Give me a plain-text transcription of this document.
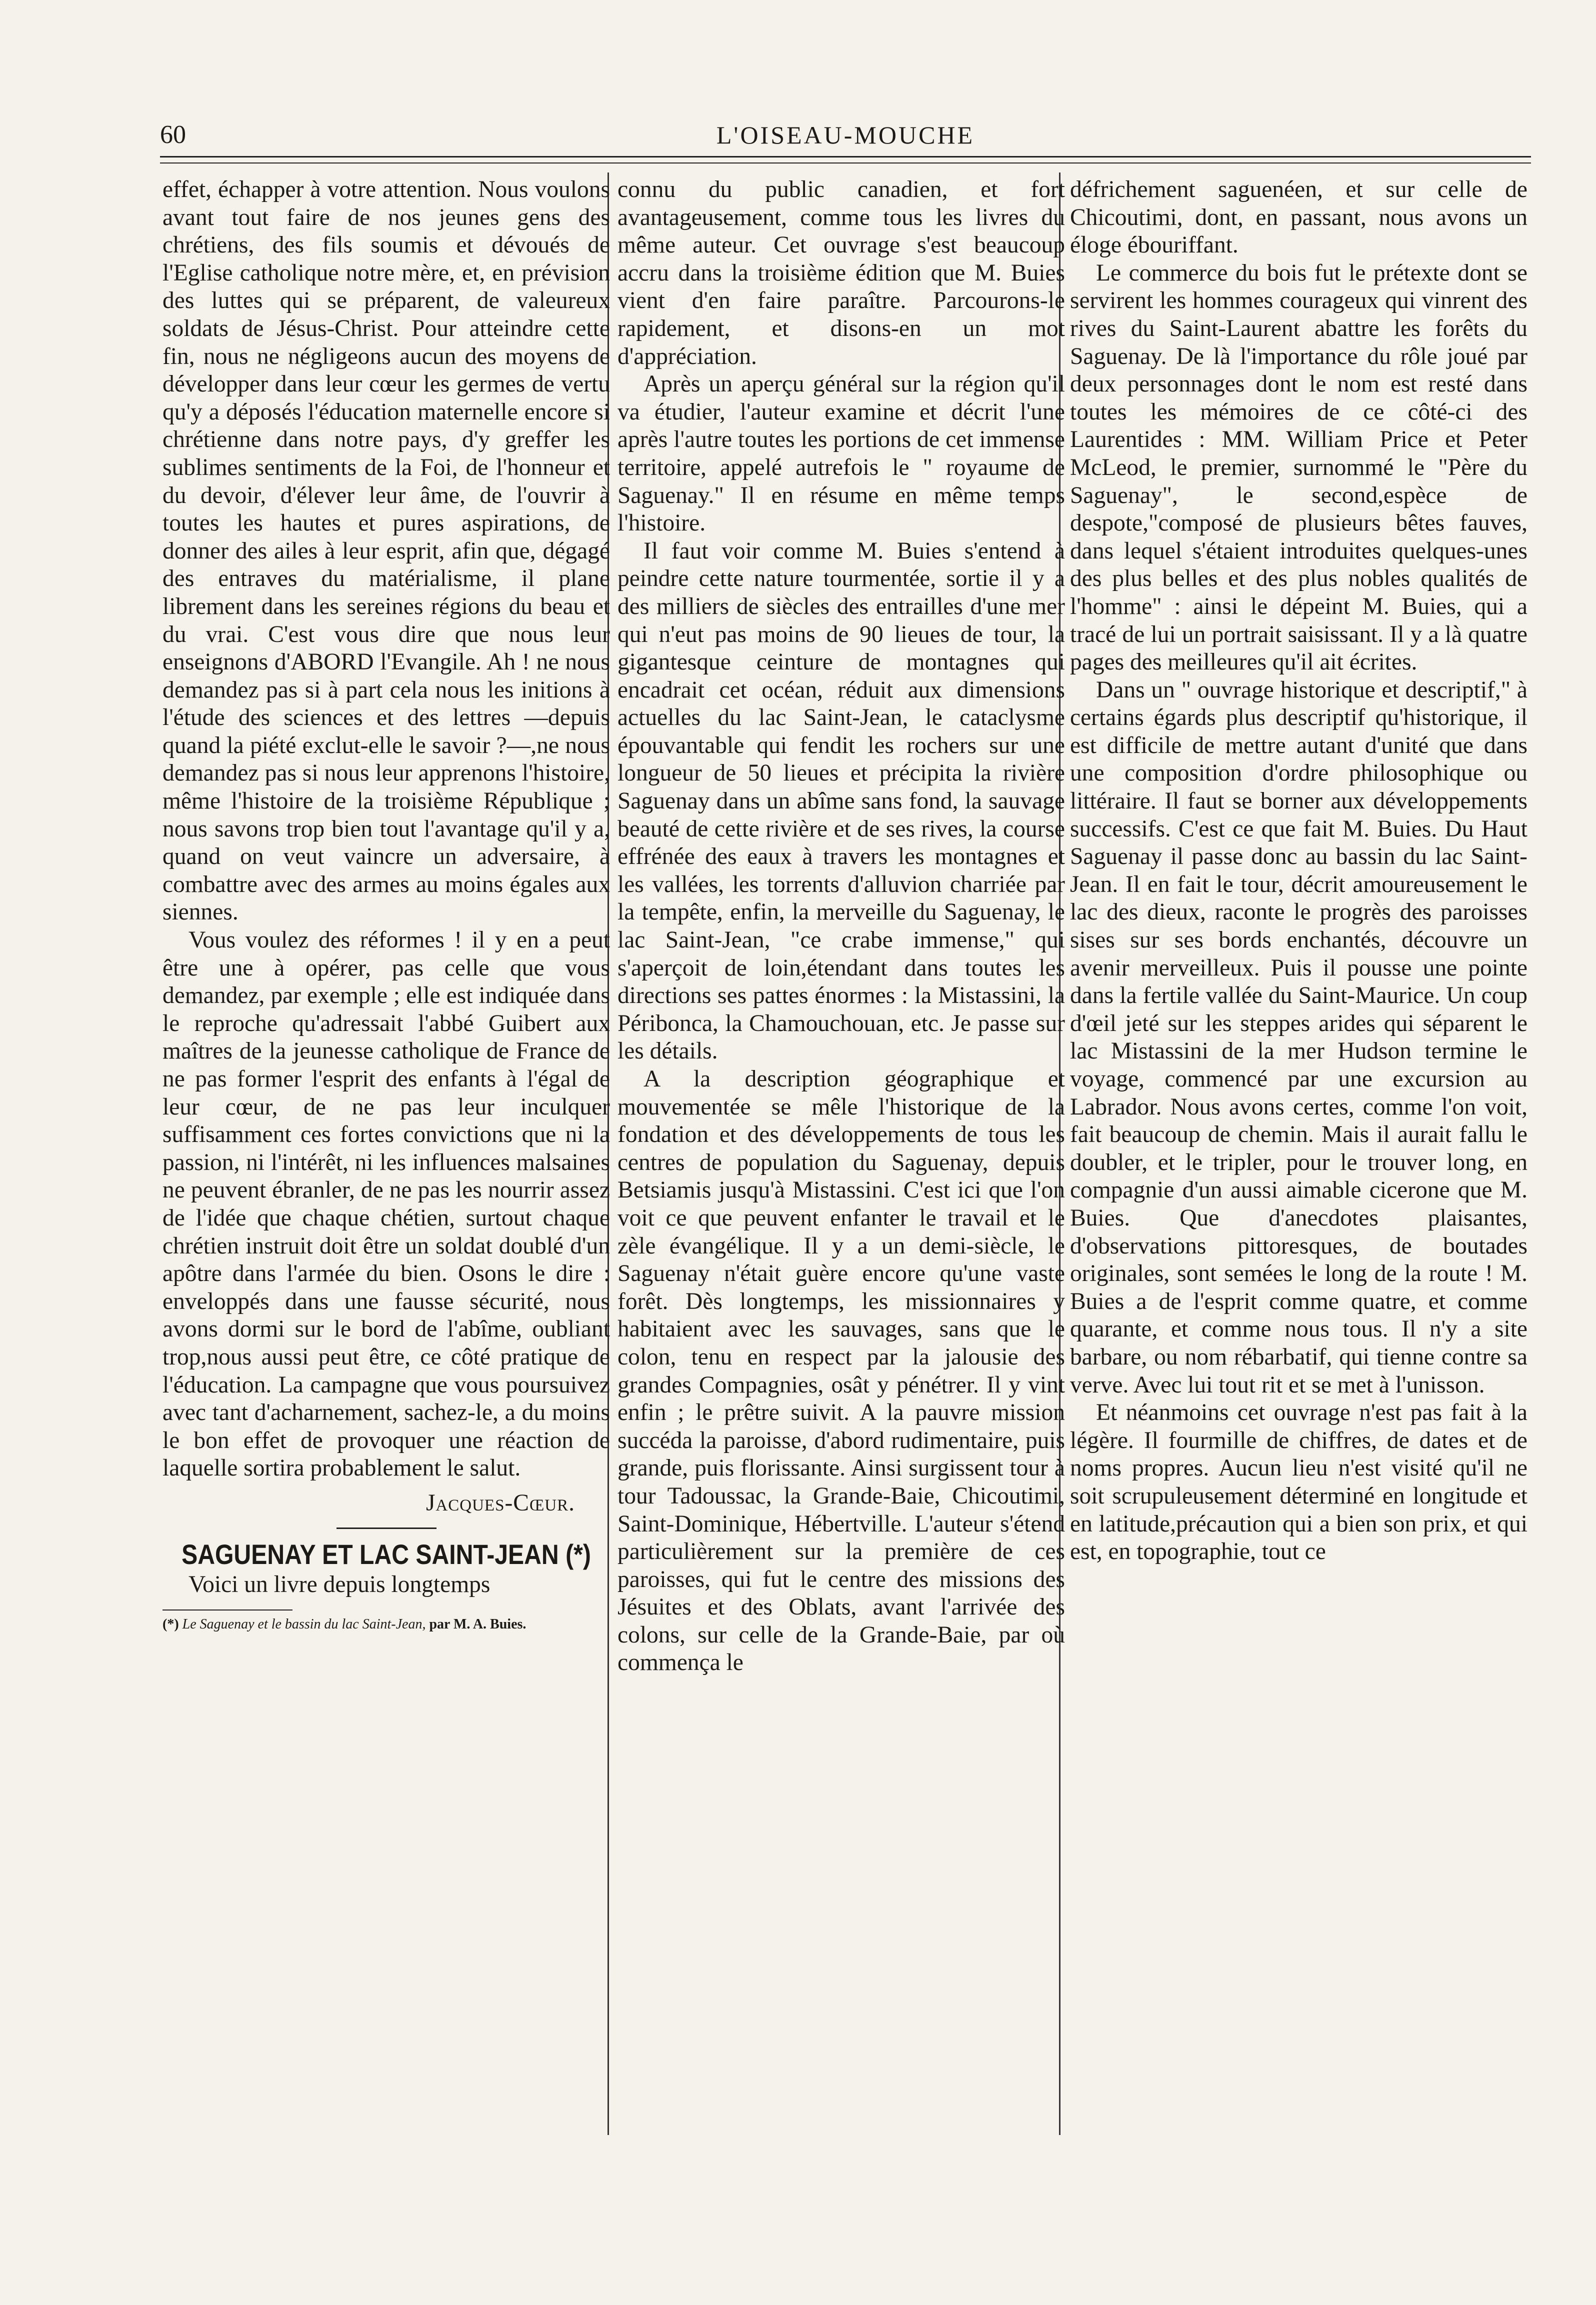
60	L'OISEAU-MOUCHE

effet, échapper à votre attention. Nous voulons avant tout faire de nos jeunes gens des chrétiens, des fils soumis et dévoués de l'Eglise catholique notre mère, et, en prévision des luttes qui se préparent, de valeureux soldats de Jésus-Christ. Pour atteindre cette fin, nous ne négligeons aucun des moyens de développer dans leur cœur les germes de vertu qu'y a déposés l'éducation maternelle encore si chrétienne dans notre pays, d'y greffer les sublimes sentiments de la Foi, de l'honneur et du devoir, d'élever leur âme, de l'ouvrir à toutes les hautes et pures aspirations, de donner des ailes à leur esprit, afin que, dégagé des entraves du matérialisme, il plane librement dans les sereines régions du beau et du vrai. C'est vous dire que nous leur enseignons d'ABORD l'Evangile. Ah ! ne nous demandez pas si à part cela nous les initions à l'étude des sciences et des lettres —depuis quand la piété exclut-elle le savoir ?—,ne nous demandez pas si nous leur apprenons l'histoire, même l'histoire de la troisième République ; nous savons trop bien tout l'avantage qu'il y a, quand on veut vaincre un adversaire, à combattre avec des armes au moins égales aux siennes.

Vous voulez des réformes ! il y en a peut être une à opérer, pas celle que vous demandez, par exemple ; elle est indiquée dans le reproche qu'adressait l'abbé Guibert aux maîtres de la jeunesse catholique de France de ne pas former l'esprit des enfants à l'égal de leur cœur, de ne pas leur inculquer suffisamment ces fortes convictions que ni la passion, ni l'intérêt, ni les influences malsaines ne peuvent ébranler, de ne pas les nourrir assez de l'idée que chaque chétien, surtout chaque chrétien instruit doit être un soldat doublé d'un apôtre dans l'armée du bien. Osons le dire : enveloppés dans une fausse sécurité, nous avons dormi sur le bord de l'abîme, oubliant trop,nous aussi peut être, ce côté pratique de l'éducation. La campagne que vous poursuivez avec tant d'acharnement, sachez-le, a du moins le bon effet de provoquer une réaction de laquelle sortira probablement le salut.

Jacques-Cœur.
SAGUENAY ET LAC SAINT-JEAN (*)

Voici un livre depuis longtemps

(*) Le Saguenay et le bassin du lac Saint-Jean, par M. A. Buies.

connu du public canadien, et fort avantageusement, comme tous les livres du même auteur. Cet ouvrage s'est beaucoup accru dans la troisième édition que M. Buies vient d'en faire paraître. Parcourons-le rapidement, et disons-en un mot d'appréciation.

Après un aperçu général sur la région qu'il va étudier, l'auteur examine et décrit l'une après l'autre toutes les portions de cet immense territoire, appelé autrefois le " royaume de Saguenay." Il en résume en même temps l'histoire.

Il faut voir comme M. Buies s'entend à peindre cette nature tourmentée, sortie il y a des milliers de siècles des entrailles d'une mer qui n'eut pas moins de 90 lieues de tour, la gigantesque ceinture de montagnes qui encadrait cet océan, réduit aux dimensions actuelles du lac Saint-Jean, le cataclysme épouvantable qui fendit les rochers sur une longueur de 50 lieues et précipita la rivière Saguenay dans un abîme sans fond, la sauvage beauté de cette rivière et de ses rives, la course effrénée des eaux à travers les montagnes et les vallées, les torrents d'alluvion charriée par la tempête, enfin, la merveille du Saguenay, le lac Saint-Jean, "ce crabe immense," qui s'aperçoit de loin,étendant dans toutes les directions ses pattes énormes : la Mistassini, la Péribonca, la Chamouchouan, etc. Je passe sur les détails.

A la description géographique et mouvementée se mêle l'historique de la fondation et des développements de tous les centres de population du Saguenay, depuis Betsiamis jusqu'à Mistassini. C'est ici que l'on voit ce que peuvent enfanter le travail et le zèle évangélique. Il y a un demi-siècle, le Saguenay n'était guère encore qu'une vaste forêt. Dès longtemps, les missionnaires y habitaient avec les sauvages, sans que le colon, tenu en respect par la jalousie des grandes Compagnies, osât y pénétrer. Il y vint enfin ; le prêtre suivit. A la pauvre mission succéda la paroisse, d'abord rudimentaire, puis grande, puis florissante. Ainsi surgissent tour à tour Tadoussac, la Grande-Baie, Chicoutimi, Saint-Dominique, Hébertville. L'auteur s'étend particulièrement sur la première de ces paroisses, qui fut le centre des missions des Jésuites et des Oblats, avant l'arrivée des colons, sur celle de la Grande-Baie, par où commença le

défrichement saguenéen, et sur celle de Chicoutimi, dont, en passant, nous avons un éloge ébouriffant.

Le commerce du bois fut le prétexte dont se servirent les hommes courageux qui vinrent des rives du Saint-Laurent abattre les forêts du Saguenay. De là l'importance du rôle joué par deux personnages dont le nom est resté dans toutes les mémoires de ce côté-ci des Laurentides : MM. William Price et Peter McLeod, le premier, surnommé le "Père du Saguenay", le second,espèce de despote,"composé de plusieurs bêtes fauves, dans lequel s'étaient introduites quelques-unes des plus belles et des plus nobles qualités de l'homme" : ainsi le dépeint M. Buies, qui a tracé de lui un portrait saisissant. Il y a là quatre pages des meilleures qu'il ait écrites.

Dans un " ouvrage historique et descriptif," à certains égards plus descriptif qu'historique, il est difficile de mettre autant d'unité que dans une composition d'ordre philosophique ou littéraire. Il faut se borner aux développements successifs. C'est ce que fait M. Buies. Du Haut Saguenay il passe donc au bassin du lac Saint-Jean. Il en fait le tour, décrit amoureusement le lac des dieux, raconte le progrès des paroisses sises sur ses bords enchantés, découvre un avenir merveilleux. Puis il pousse une pointe dans la fertile vallée du Saint-Maurice. Un coup d'œil jeté sur les steppes arides qui séparent le lac Mistassini de la mer Hudson termine le voyage, commencé par une excursion au Labrador. Nous avons certes, comme l'on voit, fait beaucoup de chemin. Mais il aurait fallu le doubler, et le tripler, pour le trouver long, en compagnie d'un aussi aimable cicerone que M. Buies. Que d'anecdotes plaisantes, d'observations pittoresques, de boutades originales, sont semées le long de la route ! M. Buies a de l'esprit comme quatre, et comme quarante, et comme nous tous. Il n'y a site barbare, ou nom rébarbatif, qui tienne contre sa verve. Avec lui tout rit et se met à l'unisson.

Et néanmoins cet ouvrage n'est pas fait à la légère. Il fourmille de chiffres, de dates et de noms propres. Aucun lieu n'est visité qu'il ne soit scrupuleusement déterminé en longitude et en latitude,précaution qui a bien son prix, et qui est, en topographie, tout ce
